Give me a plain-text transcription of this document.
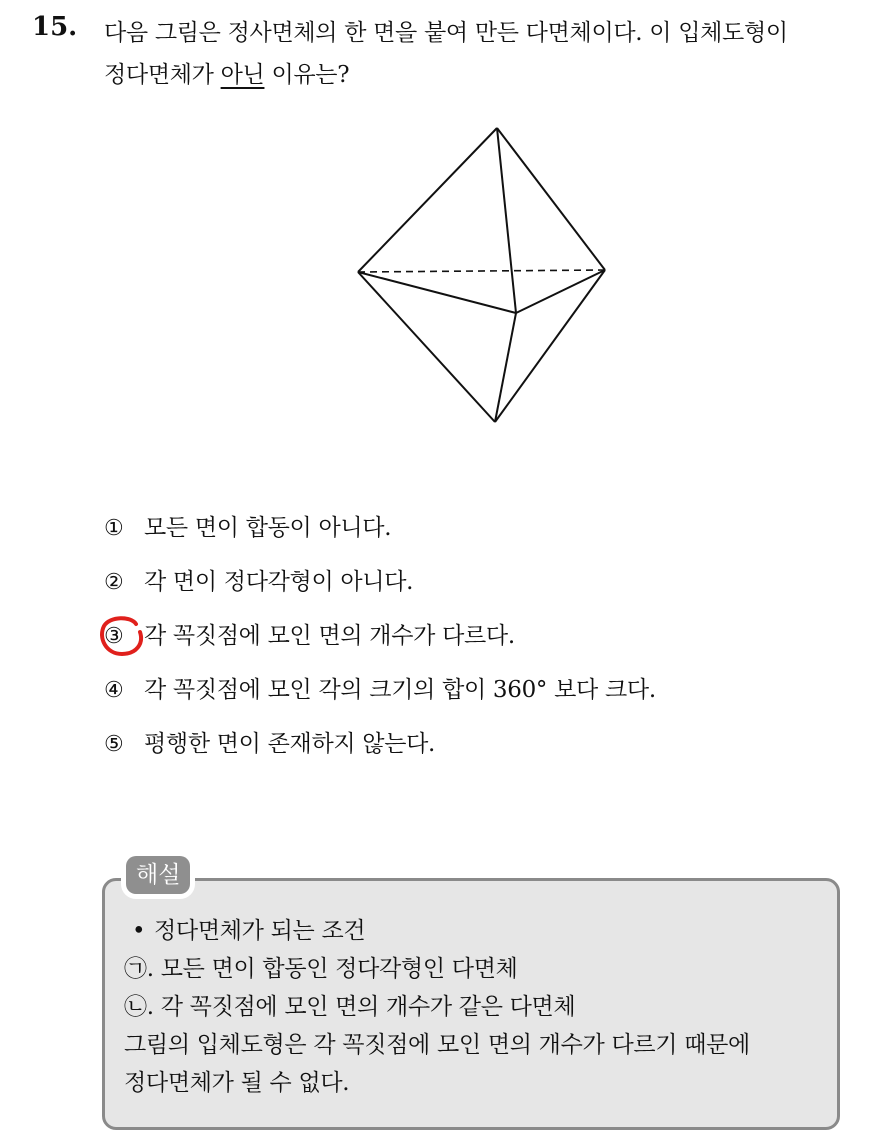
15. 다음 그림은 정사면체의 한 면을 붙여 만든 다면체이다. 이 입체도형이
정다면체가 아닌 이유는?
① 모든 면이 합동이 아니다.
② 각 면이 정다각형이 아니다.
③ 각 꼭짓점에 모인 면의 개수가 다르다.
④ 각 꼭짓점에 모인 각의 크기의 합이 360° 보다 크다.
⑤ 평행한 면이 존재하지 않는다.
해설
• 정다면체가 되는 조건
㉠. 모든 면이 합동인 정다각형인 다면체
㉡. 각 꼭짓점에 모인 면의 개수가 같은 다면체
그림의 입체도형은 각 꼭짓점에 모인 면의 개수가 다르기 때문에
정다면체가 될 수 없다.
